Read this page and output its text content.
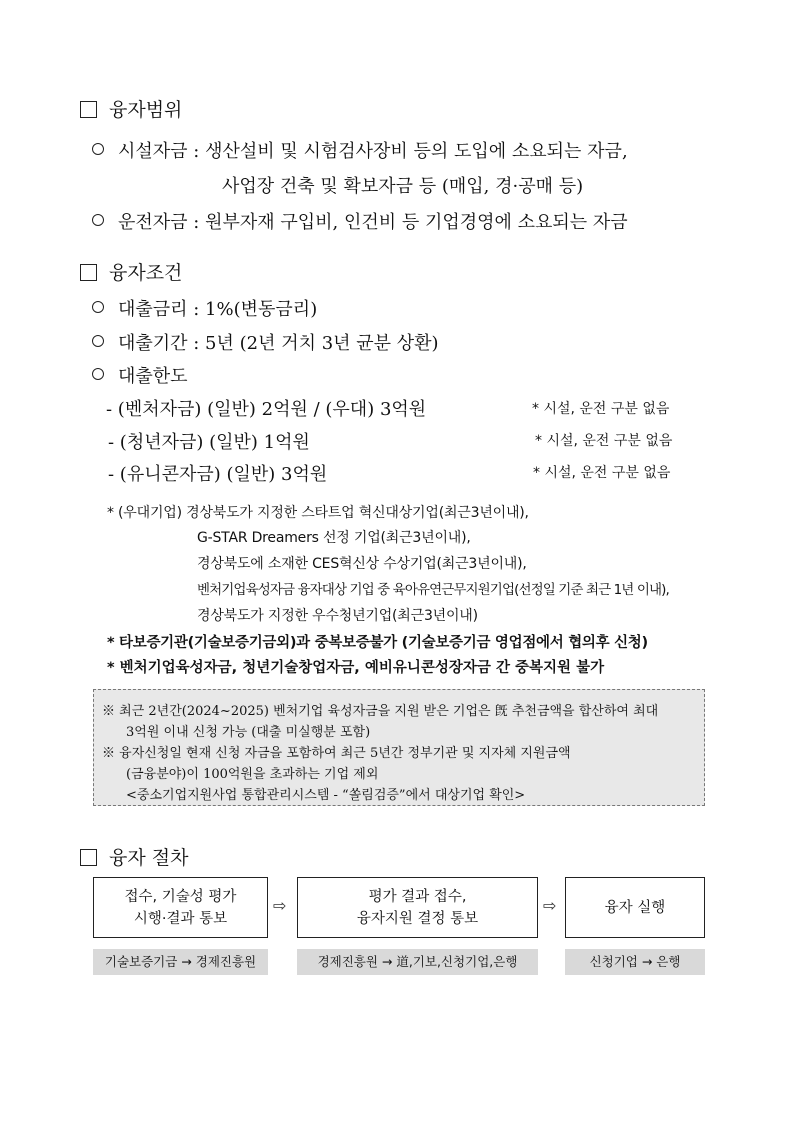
융자범위
시설자금 : 생산설비 및 시험검사장비 등의 도입에 소요되는 자금,
사업장 건축 및 확보자금 등 (매입, 경·공매 등)
운전자금 : 원부자재 구입비, 인건비 등 기업경영에 소요되는 자금
융자조건
대출금리 : 1%(변동금리)
대출기간 : 5년 (2년 거치 3년 균분 상환)
대출한도
- (벤처자금) (일반) 2억원 / (우대) 3억원	* 시설, 운전 구분 없음
- (청년자금) (일반) 1억원	* 시설, 운전 구분 없음
- (유니콘자금) (일반) 3억원	* 시설, 운전 구분 없음
* (우대기업) 경상북도가 지정한 스타트업 혁신대상기업(최근3년이내),
G-STAR Dreamers 선정 기업(최근3년이내),
경상북도에 소재한 CES혁신상 수상기업(최근3년이내),
벤처기업육성자금 융자대상 기업 중 육아유연근무지원기업(선정일 기준 최근 1년 이내),
경상북도가 지정한 우수청년기업(최근3년이내)
* 타보증기관(기술보증기금외)과 중복보증불가 (기술보증기금 영업점에서 협의후 신청)
* 벤처기업육성자금, 청년기술창업자금, 예비유니콘성장자금 간 중복지원 불가
※ 최근 2년간(2024~2025) 벤처기업 육성자금을 지원 받은 기업은 旣 추천금액을 합산하여 최대
3억원 이내 신청 가능 (대출 미실행분 포함)
※ 융자신청일 현재 신청 자금을 포함하여 최근 5년간 정부기관 및 지자체 지원금액
(금융분야)이 100억원을 초과하는 기업 제외
<중소기업지원사업 통합관리시스템 - “쏠림검증”에서 대상기업 확인>
융자 절차
접수, 기술성 평가
시행·결과 통보
⇨	평가 결과 접수,
융자지원 결정 통보
⇨	융자 실행
기술보증기금 → 경제진흥원	경제진흥원 → 道,기보,신청기업,은행	신청기업 → 은행
